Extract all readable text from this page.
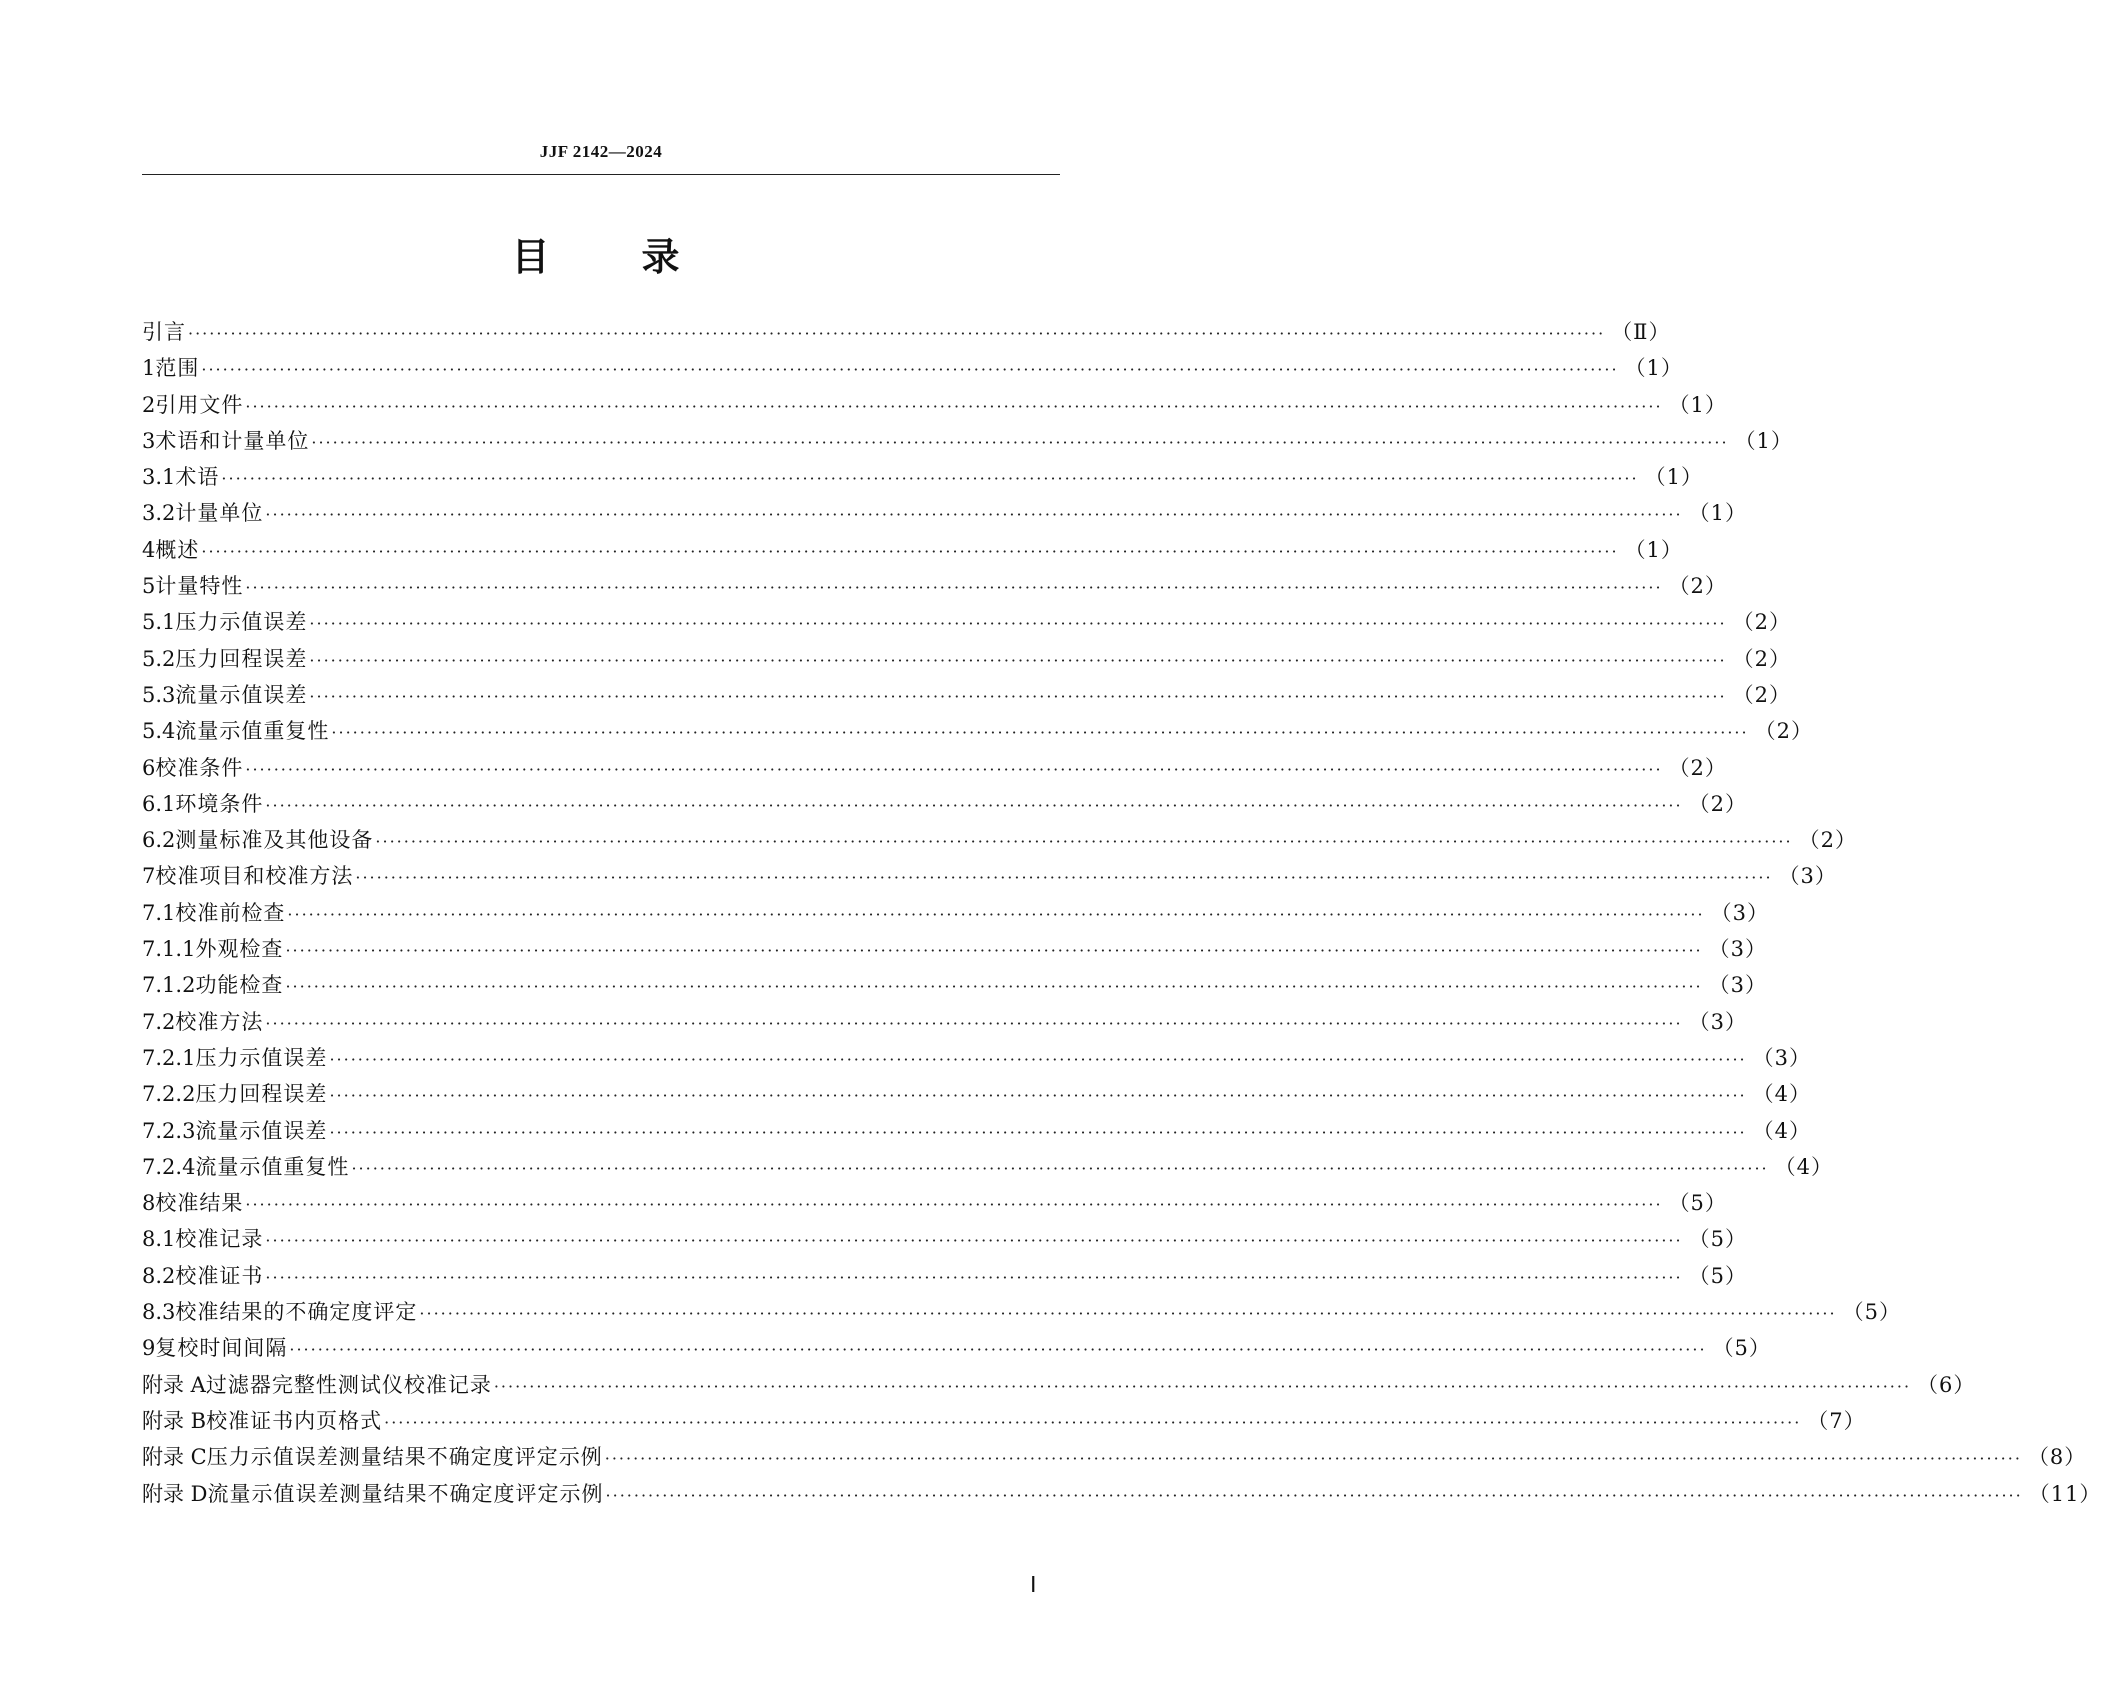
JJF 2142—2024
目 录
引言 ········································································································································································································ （Ⅱ）
1 范围 ········································································································································································································ （1）
2 引用文件 ········································································································································································································ （1）
3 术语和计量单位 ········································································································································································································ （1）
3.1 术语 ········································································································································································································ （1）
3.2 计量单位 ········································································································································································································ （1）
4 概述 ········································································································································································································ （1）
5 计量特性 ········································································································································································································ （2）
5.1 压力示值误差 ········································································································································································································ （2）
5.2 压力回程误差 ········································································································································································································ （2）
5.3 流量示值误差 ········································································································································································································ （2）
5.4 流量示值重复性 ········································································································································································································ （2）
6 校准条件 ········································································································································································································ （2）
6.1 环境条件 ········································································································································································································ （2）
6.2 测量标准及其他设备 ········································································································································································································ （2）
7 校准项目和校准方法 ········································································································································································································ （3）
7.1 校准前检查 ········································································································································································································ （3）
7.1.1 外观检查 ········································································································································································································ （3）
7.1.2 功能检查 ········································································································································································································ （3）
7.2 校准方法 ········································································································································································································ （3）
7.2.1 压力示值误差 ········································································································································································································ （3）
7.2.2 压力回程误差 ········································································································································································································ （4）
7.2.3 流量示值误差 ········································································································································································································ （4）
7.2.4 流量示值重复性 ········································································································································································································ （4）
8 校准结果 ········································································································································································································ （5）
8.1 校准记录 ········································································································································································································ （5）
8.2 校准证书 ········································································································································································································ （5）
8.3 校准结果的不确定度评定 ········································································································································································································ （5）
9 复校时间间隔 ········································································································································································································ （5）
附录 A 过滤器完整性测试仪校准记录 ········································································································································································································ （6）
附录 B 校准证书内页格式 ········································································································································································································ （7）
附录 C 压力示值误差测量结果不确定度评定示例 ········································································································································································································ （8）
附录 D 流量示值误差测量结果不确定度评定示例 ········································································································································································································ （11）
Ⅰ
